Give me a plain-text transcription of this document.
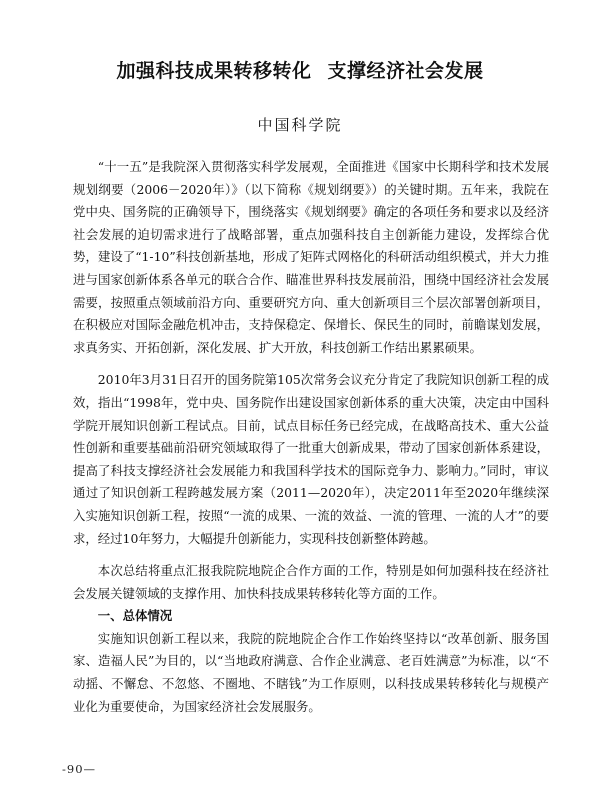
加强科技成果转移转化 支撑经济社会发展
中国科学院

“十一五”是我院深入贯彻落实科学发展观，全面推进《国家中长期科学和技术发展规划纲要（2006－2020年）》（以下简称《规划纲要》）的关键时期。五年来，我院在党中央、国务院的正确领导下，围绕落实《规划纲要》确定的各项任务和要求以及经济社会发展的迫切需求进行了战略部署，重点加强科技自主创新能力建设，发挥综合优势，建设了“1-10”科技创新基地，形成了矩阵式网格化的科研活动组织模式，并大力推进与国家创新体系各单元的联合合作、瞄准世界科技发展前沿，围绕中国经济社会发展需要，按照重点领域前沿方向、重要研究方向、重大创新项目三个层次部署创新项目，在积极应对国际金融危机冲击，支持保稳定、保增长、保民生的同时，前瞻谋划发展，求真务实、开拓创新，深化发展、扩大开放，科技创新工作结出累累硕果。

2010年3月31日召开的国务院第105次常务会议充分肯定了我院知识创新工程的成效，指出“1998年，党中央、国务院作出建设国家创新体系的重大决策，决定由中国科学院开展知识创新工程试点。目前，试点目标任务已经完成，在战略高技术、重大公益性创新和重要基础前沿研究领域取得了一批重大创新成果，带动了国家创新体系建设，提高了科技支撑经济社会发展能力和我国科学技术的国际竞争力、影响力。”同时，审议通过了知识创新工程跨越发展方案（2011—2020年），决定2011年至2020年继续深入实施知识创新工程，按照“一流的成果、一流的效益、一流的管理、一流的人才”的要求，经过10年努力，大幅提升创新能力，实现科技创新整体跨越。

本次总结将重点汇报我院院地院企合作方面的工作，特别是如何加强科技在经济社会发展关键领域的支撑作用、加快科技成果转移转化等方面的工作。

一、总体情况

实施知识创新工程以来，我院的院地院企合作工作始终坚持以“改革创新、服务国家、造福人民”为目的，以“当地政府满意、合作企业满意、老百姓满意”为标准，以“不动摇、不懈怠、不忽悠、不圈地、不瞎钱”为工作原则，以科技成果转移转化与规模产业化为重要使命，为国家经济社会发展服务。

-90—
